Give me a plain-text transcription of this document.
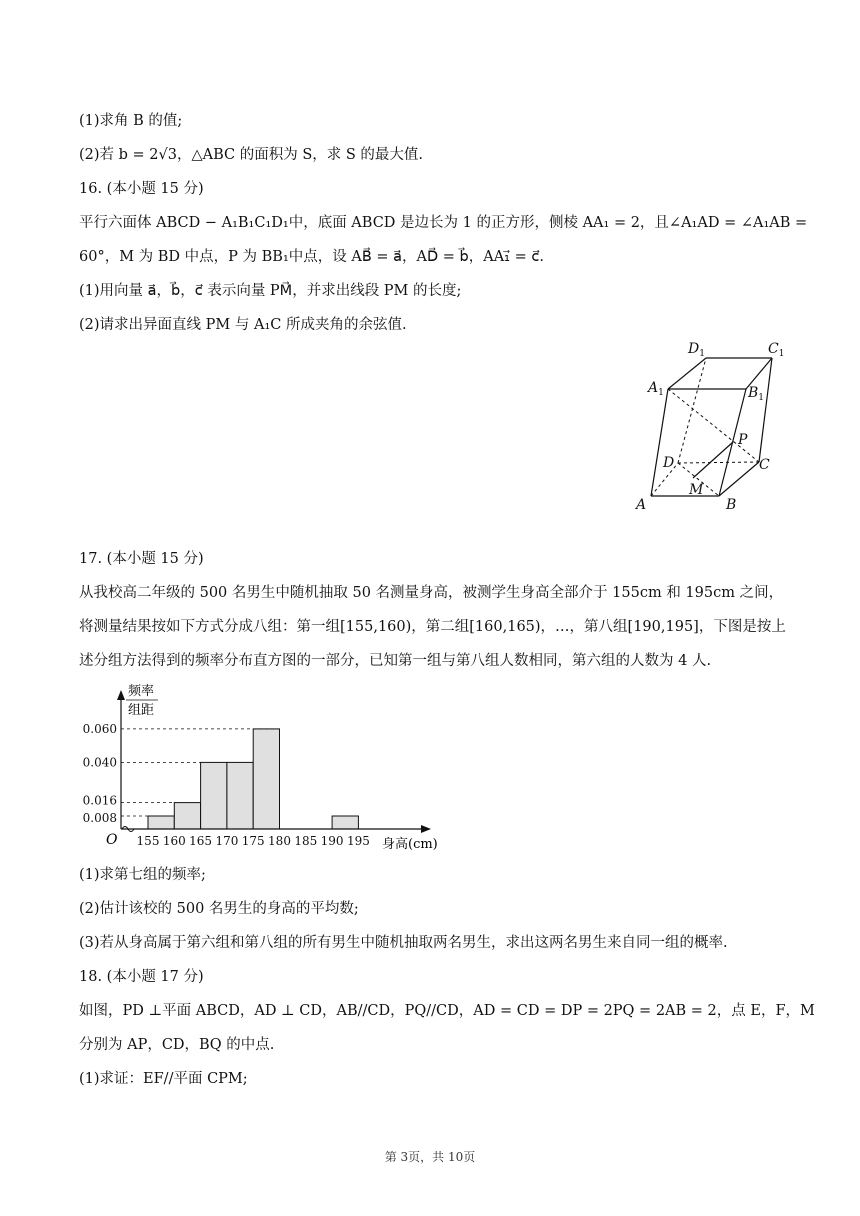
(1)求角 B 的值;
(2)若 b = 2√3，△ABC 的面积为 S，求 S 的最大值.
16. (本小题 15 分)
平行六面体 ABCD − A₁B₁C₁D₁中，底面 ABCD 是边长为 1 的正方形，侧棱 AA₁ = 2，且∠A₁AD = ∠A₁AB =
60°，M 为 BD 中点，P 为 BB₁中点，设 AB⃗ = a⃗，AD⃗ = b⃗，AA₁⃗ = c⃗.
(1)用向量 a⃗，b⃗，c⃗ 表示向量 PM⃗，并求出线段 PM 的长度;
(2)请求出异面直线 PM 与 A₁C 所成夹角的余弦值.
$D_1$	$C_1$
$A_1$	$B_1$
P
D	C
M
A	B
17. (本小题 15 分)
从我校高二年级的 500 名男生中随机抽取 50 名测量身高，被测学生身高全部介于 155cm 和 195cm 之间，
将测量结果按如下方式分成八组：第一组[155,160)，第二组[160,165)，…，第八组[190,195]，下图是按上
述分组方法得到的频率分布直方图的一部分，已知第一组与第八组人数相同，第六组的人数为 4 人.
0.060
0.040
0.016
0.008
155 160 165 170 175 180 185 190 195
O
频率
组距
身高(cm)
(1)求第七组的频率;
(2)估计该校的 500 名男生的身高的平均数;
(3)若从身高属于第六组和第八组的所有男生中随机抽取两名男生，求出这两名男生来自同一组的概率.
18. (本小题 17 分)
如图，PD ⊥平面 ABCD，AD ⊥ CD，AB//CD，PQ//CD，AD = CD = DP = 2PQ = 2AB = 2，点 E，F，M
分别为 AP，CD，BQ 的中点.
(1)求证：EF//平面 CPM;
第 3页，共 10页
